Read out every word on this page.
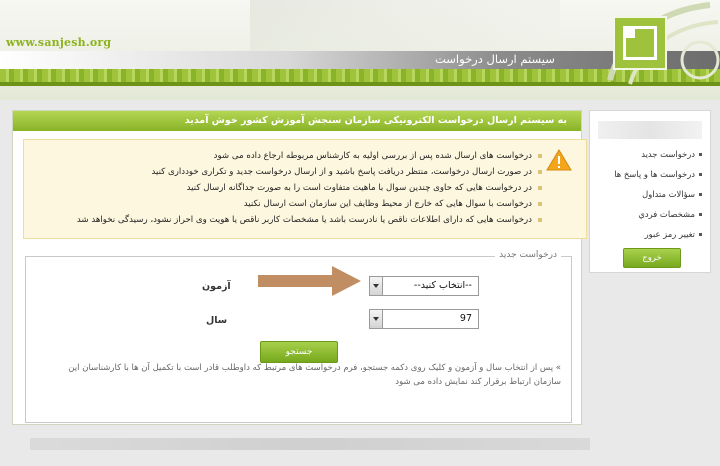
www.sanjesh.org
سیستم ارسال درخواست
به سیستم ارسال درخواست الکترونیکی سازمان سنجش آموزش کشور خوش آمدید
درخواست های ارسال شده پس از بررسی اولیه به کارشناس مربوطه ارجاع داده می شود
در صورت ارسال درخواست، منتظر دریافت پاسخ باشید و از ارسال درخواست جدید و تکراری خودداری کنید
در درخواست هایی که حاوی چندین سوال با ماهیت متفاوت است را به صورت جداگانه ارسال کنید
درخواست با سوال هایی که خارج از محیط وظایف این سازمان است ارسال نکنید
درخواست هایی که دارای اطلاعات ناقص یا نادرست باشد یا مشخصات کاربر ناقص یا هویت وی احراز نشود، رسیدگی نخواهد شد
درخواست جدید
آزمون	--انتخاب کنید--
سال	97
جستجو
» پس از انتخاب سال و آزمون و کلیک روی دکمه جستجو، فرم درخواست های مرتبط که داوطلب قادر است با تکمیل آن ها با کارشناسان این سازمان ارتباط برقرار کند نمایش داده می شود
درخواست جدید
درخواست ها و پاسخ ها
سؤالات متداول
مشخصات فردي
تغيير رمز عبور
خروج
